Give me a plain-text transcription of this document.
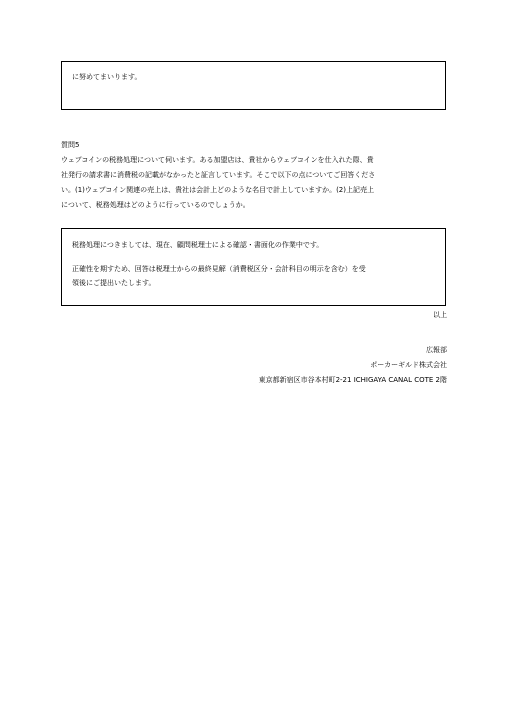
に努めてまいります。
質問5
ウェブコインの税務処理について伺います。ある加盟店は、貴社からウェブコインを仕入れた際、貴
社発行の請求書に消費税の記載がなかったと証言しています。そこで以下の点についてご回答くださ
い。(1)ウェブコイン関連の売上は、貴社は会計上どのような名目で計上していますか。(2)上記売上
について、税務処理はどのように行っているのでしょうか。
税務処理につきましては、現在、顧問税理士による確認・書面化の作業中です。
正確性を期すため、回答は税理士からの最終見解（消費税区分・会計科目の明示を含む）を受
領後にご提出いたします。
以上
広報部
ポーカーギルド株式会社
東京都新宿区市谷本村町2-21 ICHIGAYA CANAL COTE 2階
